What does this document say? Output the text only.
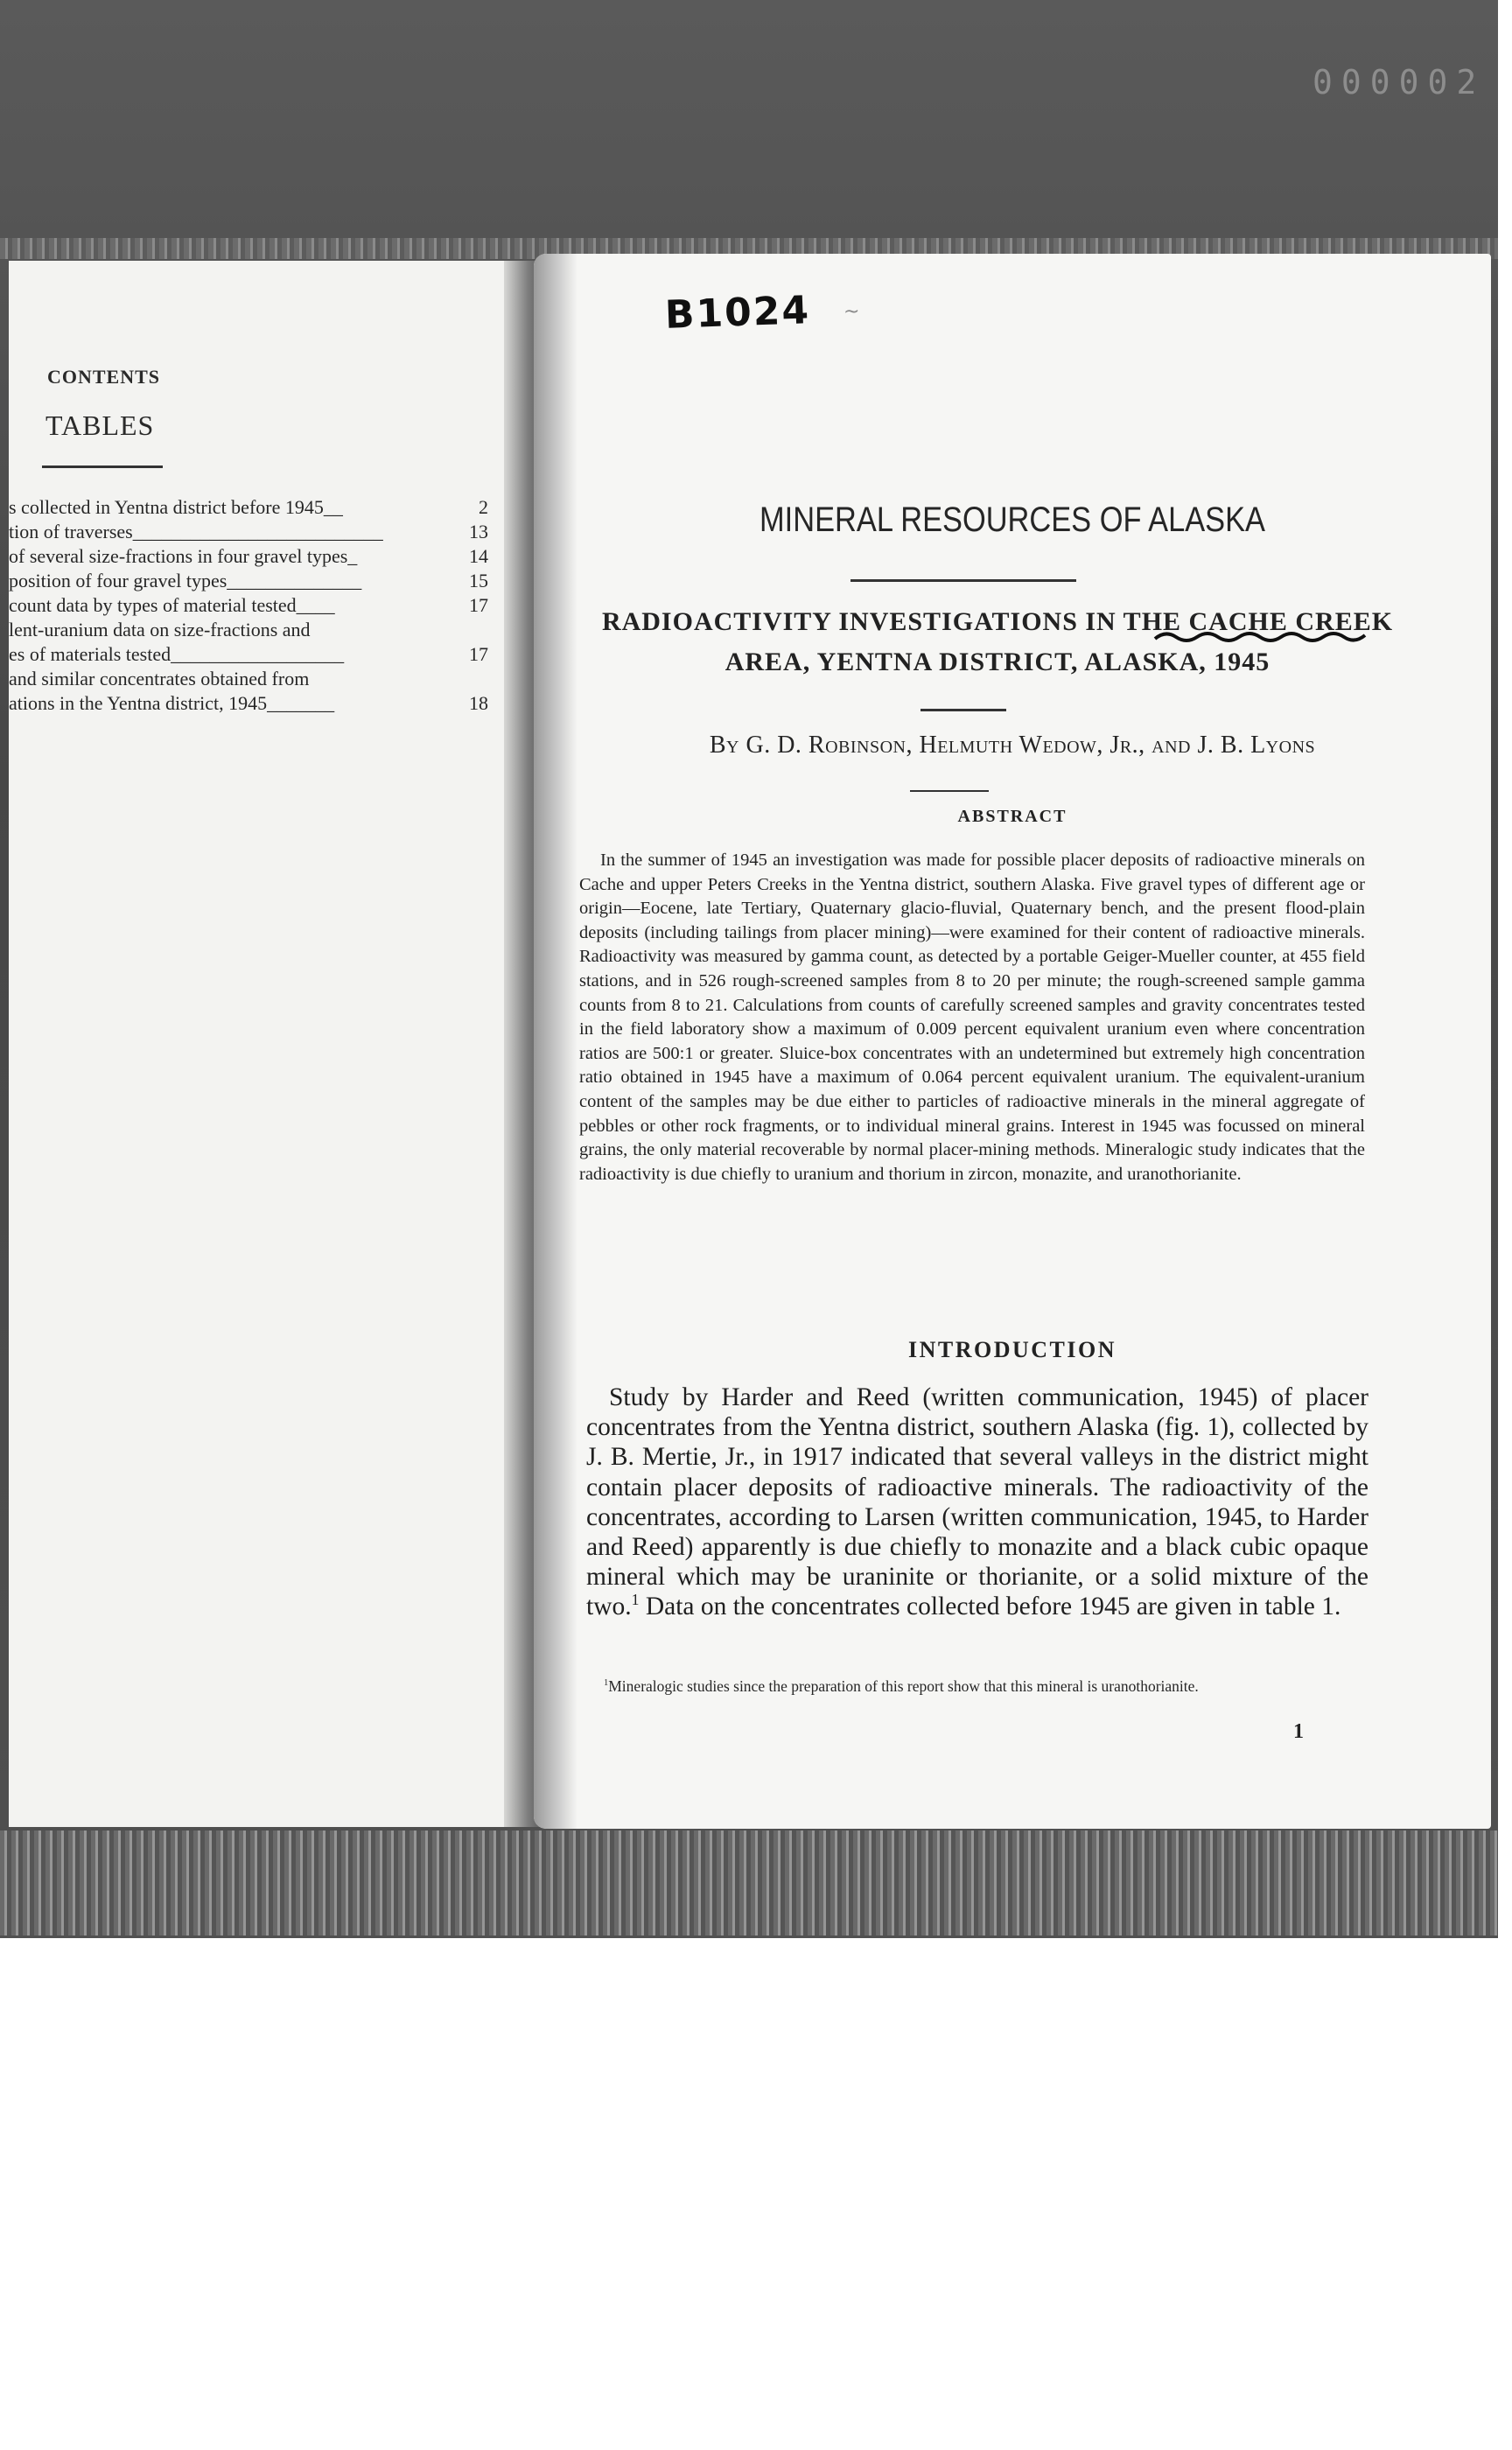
000002
CONTENTS
TABLES
s collected in Yentna district before 1945__	2
tion of traverses__________________________	13
of several size-fractions in four gravel types_	14
position of four gravel types______________	15
count data by types of material tested____	17
lent-uranium data on size-fractions and
es of materials tested__________________	17
and similar concentrates obtained from
ations in the Yentna district, 1945_______	18
B1024 ~
MINERAL RESOURCES OF ALASKA
RADIOACTIVITY INVESTIGATIONS IN THE CACHE CREEK
AREA, YENTNA DISTRICT, ALASKA, 1945
By G. D. Robinson, Helmuth Wedow, Jr., and J. B. Lyons
ABSTRACT

In the summer of 1945 an investigation was made for possible placer deposits of radioactive minerals on Cache and upper Peters Creeks in the Yentna district, southern Alaska. Five gravel types of different age or origin—Eocene, late Tertiary, Quaternary glacio-fluvial, Quaternary bench, and the present flood-plain deposits (including tailings from placer mining)—were examined for their content of radioactive minerals. Radioactivity was measured by gamma count, as detected by a portable Geiger-Mueller counter, at 455 field stations, and in 526 rough-screened samples from 8 to 20 per minute; the rough-screened sample gamma counts from 8 to 21. Calculations from counts of carefully screened samples and gravity concentrates tested in the field laboratory show a maximum of 0.009 percent equivalent uranium even where concentration ratios are 500:1 or greater. Sluice-box concentrates with an undetermined but extremely high concentration ratio obtained in 1945 have a maximum of 0.064 percent equivalent uranium. The equivalent-uranium content of the samples may be due either to particles of radioactive minerals in the mineral aggregate of pebbles or other rock fragments, or to individual mineral grains. Interest in 1945 was focussed on mineral grains, the only material recoverable by normal placer-mining methods. Mineralogic study indicates that the radioactivity is due chiefly to uranium and thorium in zircon, monazite, and uranothorianite.

INTRODUCTION

Study by Harder and Reed (written communication, 1945) of placer concentrates from the Yentna district, southern Alaska (fig. 1), collected by J. B. Mertie, Jr., in 1917 indicated that several valleys in the district might contain placer deposits of radioactive minerals. The radioactivity of the concentrates, according to Larsen (written communication, 1945, to Harder and Reed) apparently is due chiefly to monazite and a black cubic opaque mineral which may be uraninite or thorianite, or a solid mixture of the two.$^1$ Data on the concentrates collected before 1945 are given in table 1.

$^1$Mineralogic studies since the preparation of this report show that this mineral is uranothorianite.

1
